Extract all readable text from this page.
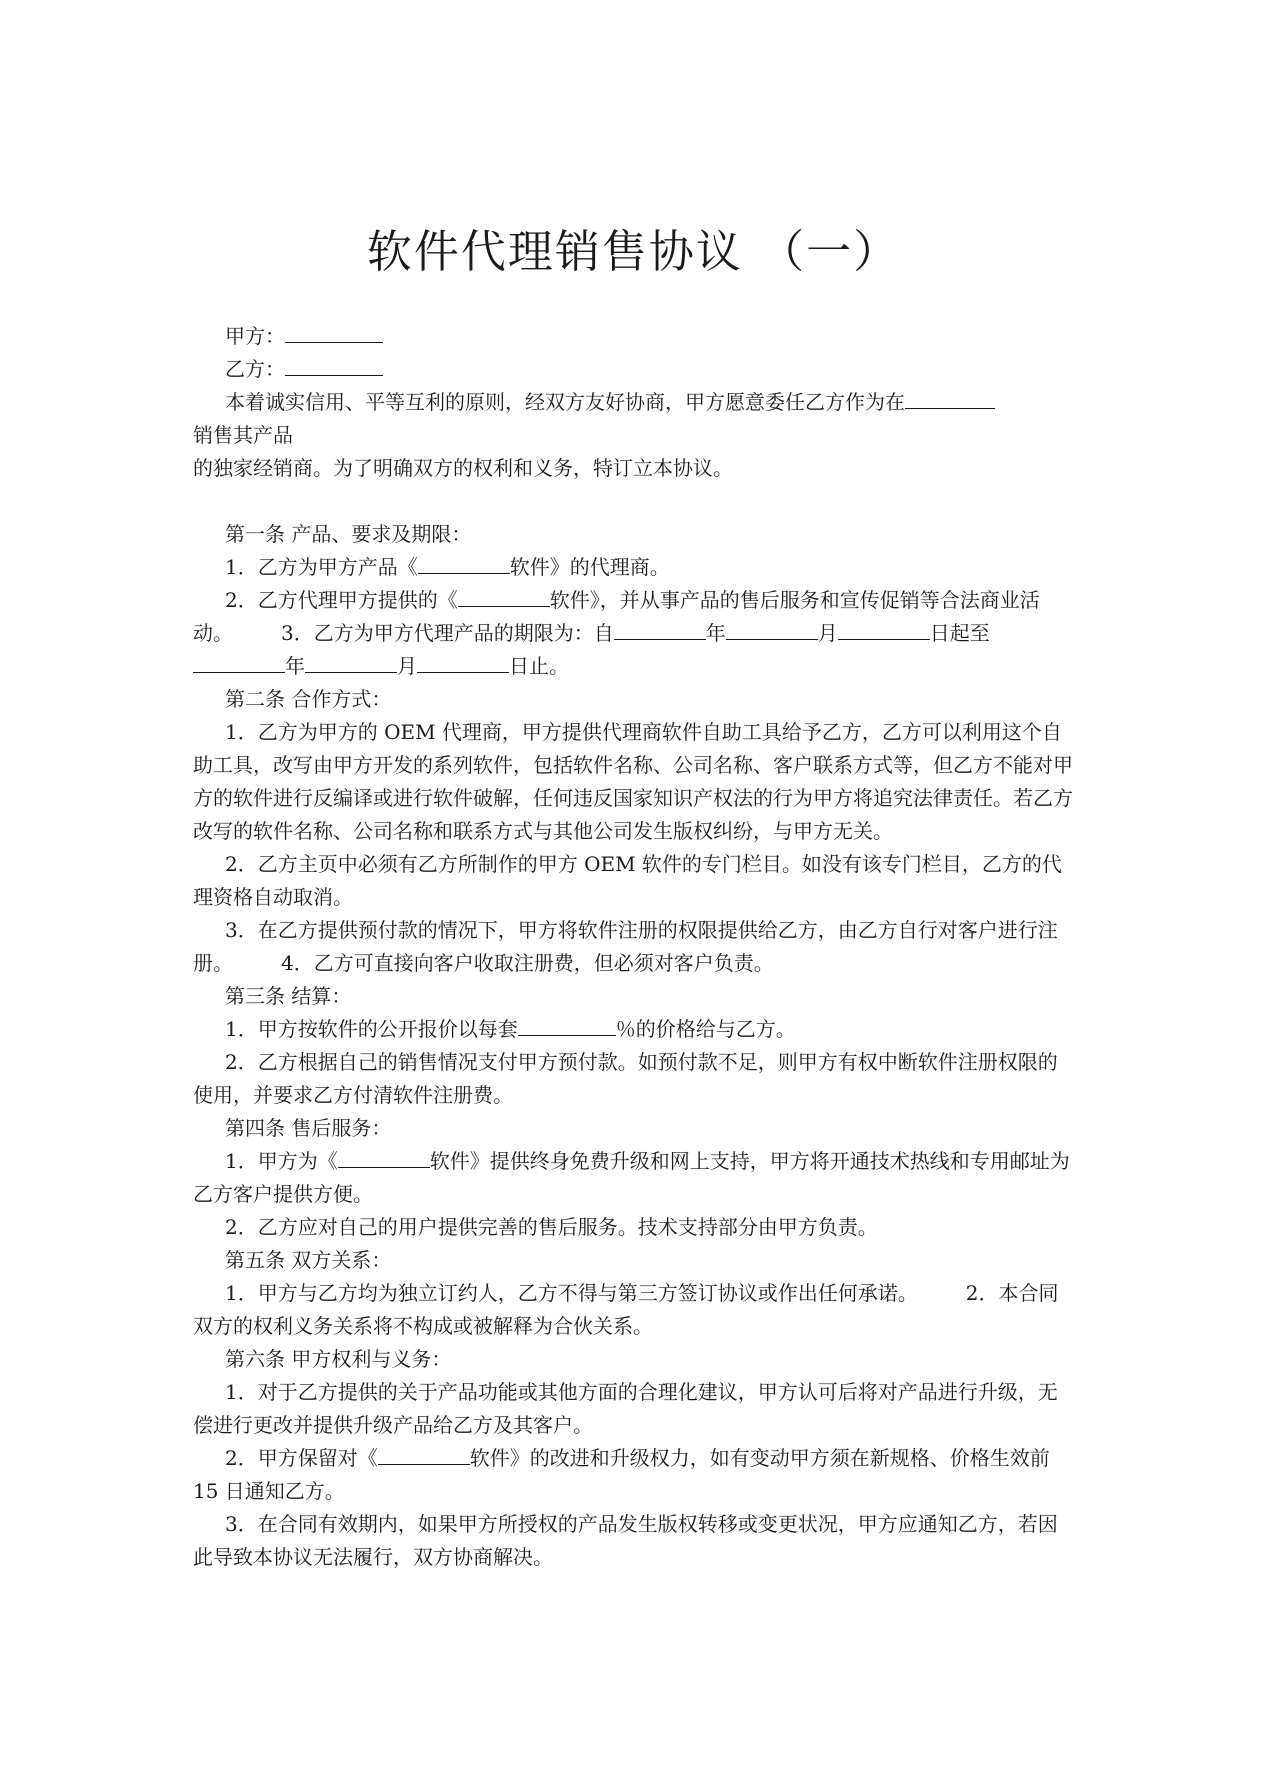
软件代理销售协议 （一）

甲方：

乙方：

本着诚实信用、平等互利的原则，经双方友好协商，甲方愿意委任乙方作为在

销售其产品

的独家经销商。为了明确双方的权利和义务，特订立本协议。

第一条 产品、要求及期限：

1．乙方为甲方产品《	软件》的代理商。

2．乙方代理甲方提供的《	软件》，并从事产品的售后服务和宣传促销等合法商业活动。 3．乙方为甲方代理产品的期限为：自	年	月	日起至年	月	日止。

第二条 合作方式：

1．乙方为甲方的 OEM 代理商，甲方提供代理商软件自助工具给予乙方，乙方可以利用这个自助工具，改写由甲方开发的系列软件，包括软件名称、公司名称、客户联系方式等，但乙方不能对甲方的软件进行反编译或进行软件破解，任何违反国家知识产权法的行为甲方将追究法律责任。若乙方改写的软件名称、公司名称和联系方式与其他公司发生版权纠纷，与甲方无关。

2．乙方主页中必须有乙方所制作的甲方 OEM 软件的专门栏目。如没有该专门栏目，乙方的代理资格自动取消。

3．在乙方提供预付款的情况下，甲方将软件注册的权限提供给乙方，由乙方自行对客户进行注册。 4．乙方可直接向客户收取注册费，但必须对客户负责。

第三条 结算：

1．甲方按软件的公开报价以每套	％的价格给与乙方。

2．乙方根据自己的销售情况支付甲方预付款。如预付款不足，则甲方有权中断软件注册权限的使用，并要求乙方付清软件注册费。

第四条 售后服务：

1．甲方为《	软件》提供终身免费升级和网上支持，甲方将开通技术热线和专用邮址为乙方客户提供方便。

2．乙方应对自己的用户提供完善的售后服务。技术支持部分由甲方负责。

第五条 双方关系：

1．甲方与乙方均为独立订约人，乙方不得与第三方签订协议或作出任何承诺。 2．本合同双方的权利义务关系将不构成或被解释为合伙关系。

第六条 甲方权利与义务：

1．对于乙方提供的关于产品功能或其他方面的合理化建议，甲方认可后将对产品进行升级，无偿进行更改并提供升级产品给乙方及其客户。

2．甲方保留对《	软件》的改进和升级权力，如有变动甲方须在新规格、价格生效前 15 日通知乙方。

3．在合同有效期内，如果甲方所授权的产品发生版权转移或变更状况，甲方应通知乙方，若因此导致本协议无法履行，双方协商解决。
